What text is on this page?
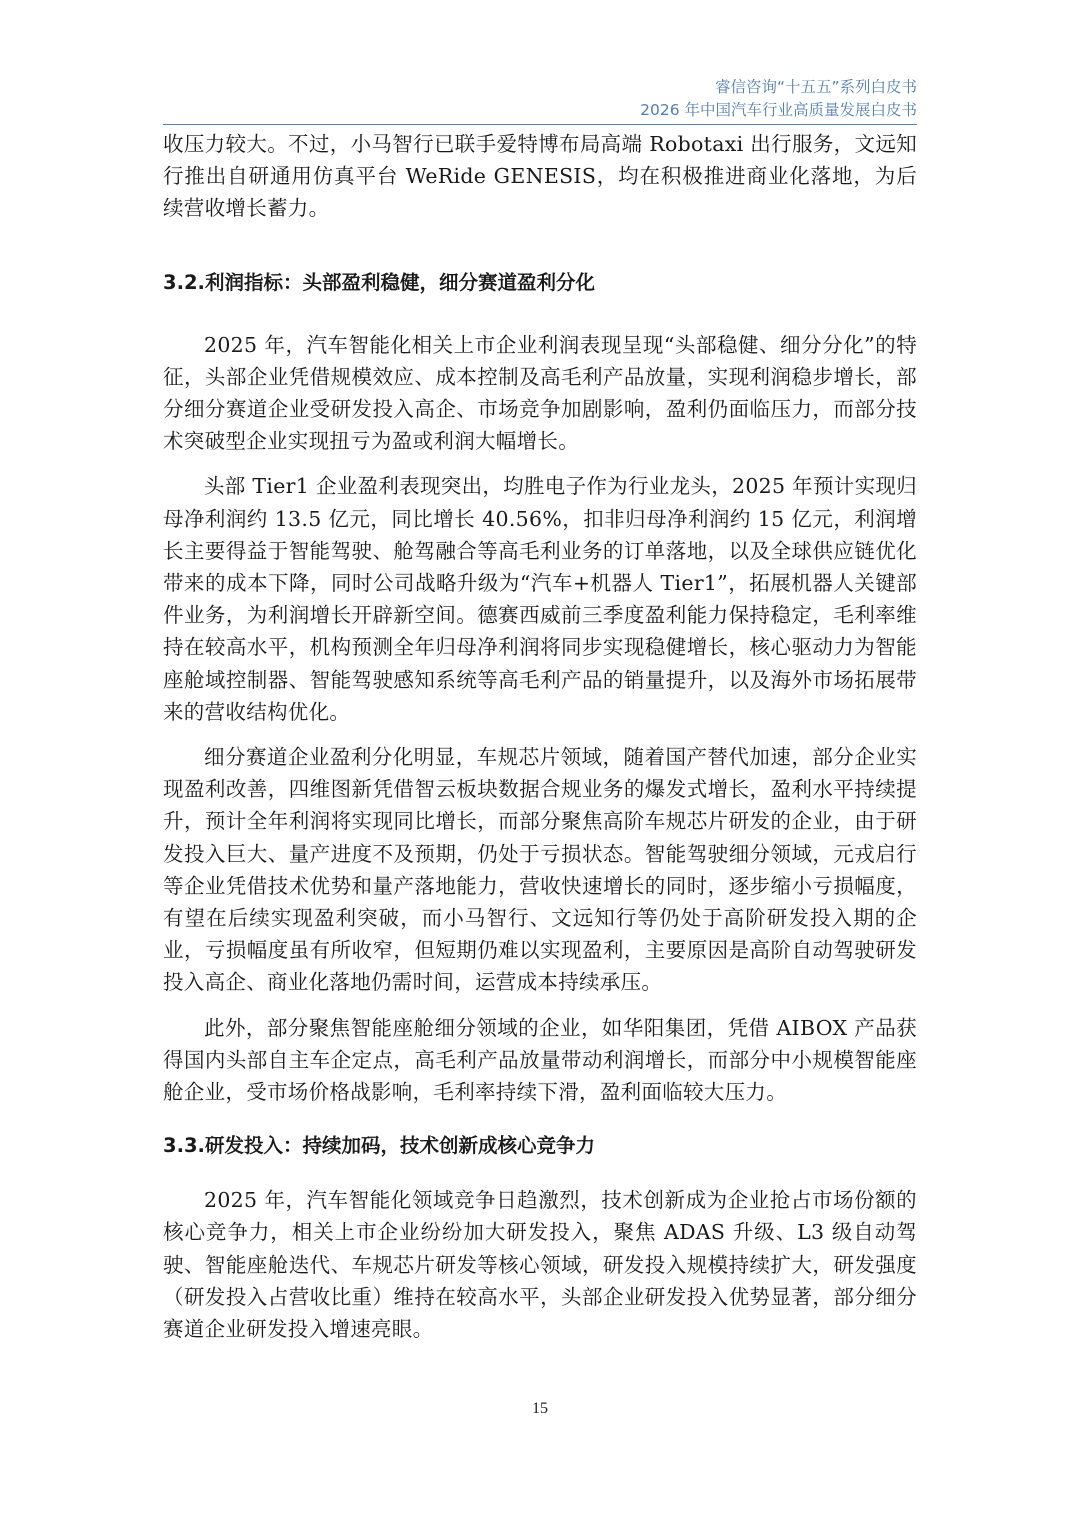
睿信咨询“十五五”系列白皮书
2026 年中国汽车行业高质量发展白皮书

收压力较大。不过，小马智行已联手爱特博布局高端 Robotaxi 出行服务，文远知行推出自研通用仿真平台 WeRide GENESIS，均在积极推进商业化落地，为后续营收增长蓄力。

3.2.利润指标：头部盈利稳健，细分赛道盈利分化

2025 年，汽车智能化相关上市企业利润表现呈现“头部稳健、细分分化”的特征，头部企业凭借规模效应、成本控制及高毛利产品放量，实现利润稳步增长，部分细分赛道企业受研发投入高企、市场竞争加剧影响，盈利仍面临压力，而部分技术突破型企业实现扭亏为盈或利润大幅增长。

头部 Tier1 企业盈利表现突出，均胜电子作为行业龙头，2025 年预计实现归母净利润约 13.5 亿元，同比增长 40.56%，扣非归母净利润约 15 亿元，利润增长主要得益于智能驾驶、舱驾融合等高毛利业务的订单落地，以及全球供应链优化带来的成本下降，同时公司战略升级为“汽车+机器人 Tier1”，拓展机器人关键部件业务，为利润增长开辟新空间。德赛西威前三季度盈利能力保持稳定，毛利率维持在较高水平，机构预测全年归母净利润将同步实现稳健增长，核心驱动力为智能座舱域控制器、智能驾驶感知系统等高毛利产品的销量提升，以及海外市场拓展带来的营收结构优化。

细分赛道企业盈利分化明显，车规芯片领域，随着国产替代加速，部分企业实现盈利改善，四维图新凭借智云板块数据合规业务的爆发式增长，盈利水平持续提升，预计全年利润将实现同比增长，而部分聚焦高阶车规芯片研发的企业，由于研发投入巨大、量产进度不及预期，仍处于亏损状态。智能驾驶细分领域，元戎启行等企业凭借技术优势和量产落地能力，营收快速增长的同时，逐步缩小亏损幅度，有望在后续实现盈利突破，而小马智行、文远知行等仍处于高阶研发投入期的企业，亏损幅度虽有所收窄，但短期仍难以实现盈利，主要原因是高阶自动驾驶研发投入高企、商业化落地仍需时间，运营成本持续承压。

此外，部分聚焦智能座舱细分领域的企业，如华阳集团，凭借 AIBOX 产品获得国内头部自主车企定点，高毛利产品放量带动利润增长，而部分中小规模智能座舱企业，受市场价格战影响，毛利率持续下滑，盈利面临较大压力。

3.3.研发投入：持续加码，技术创新成核心竞争力

2025 年，汽车智能化领域竞争日趋激烈，技术创新成为企业抢占市场份额的核心竞争力，相关上市企业纷纷加大研发投入，聚焦 ADAS 升级、L3 级自动驾驶、智能座舱迭代、车规芯片研发等核心领域，研发投入规模持续扩大，研发强度（研发投入占营收比重）维持在较高水平，头部企业研发投入优势显著，部分细分赛道企业研发投入增速亮眼。

15
